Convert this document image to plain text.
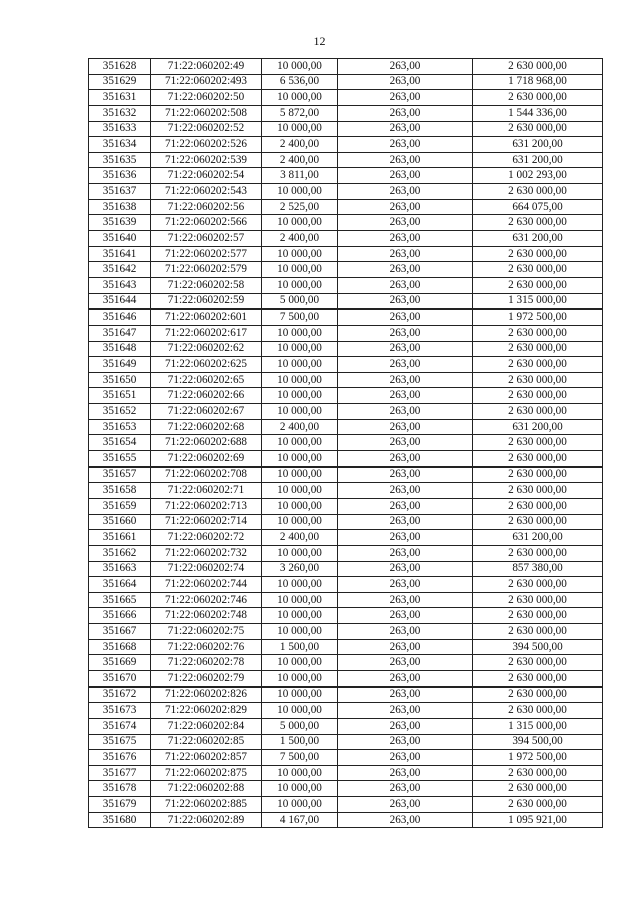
12
351628	71:22:060202:49	10 000,00	263,00	2 630 000,00
351629	71:22:060202:493	6 536,00	263,00	1 718 968,00
351631	71:22:060202:50	10 000,00	263,00	2 630 000,00
351632	71:22:060202:508	5 872,00	263,00	1 544 336,00
351633	71:22:060202:52	10 000,00	263,00	2 630 000,00
351634	71:22:060202:526	2 400,00	263,00	631 200,00
351635	71:22:060202:539	2 400,00	263,00	631 200,00
351636	71:22:060202:54	3 811,00	263,00	1 002 293,00
351637	71:22:060202:543	10 000,00	263,00	2 630 000,00
351638	71:22:060202:56	2 525,00	263,00	664 075,00
351639	71:22:060202:566	10 000,00	263,00	2 630 000,00
351640	71:22:060202:57	2 400,00	263,00	631 200,00
351641	71:22:060202:577	10 000,00	263,00	2 630 000,00
351642	71:22:060202:579	10 000,00	263,00	2 630 000,00
351643	71:22:060202:58	10 000,00	263,00	2 630 000,00
351644	71:22:060202:59	5 000,00	263,00	1 315 000,00
351646	71:22:060202:601	7 500,00	263,00	1 972 500,00
351647	71:22:060202:617	10 000,00	263,00	2 630 000,00
351648	71:22:060202:62	10 000,00	263,00	2 630 000,00
351649	71:22:060202:625	10 000,00	263,00	2 630 000,00
351650	71:22:060202:65	10 000,00	263,00	2 630 000,00
351651	71:22:060202:66	10 000,00	263,00	2 630 000,00
351652	71:22:060202:67	10 000,00	263,00	2 630 000,00
351653	71:22:060202:68	2 400,00	263,00	631 200,00
351654	71:22:060202:688	10 000,00	263,00	2 630 000,00
351655	71:22:060202:69	10 000,00	263,00	2 630 000,00
351657	71:22:060202:708	10 000,00	263,00	2 630 000,00
351658	71:22:060202:71	10 000,00	263,00	2 630 000,00
351659	71:22:060202:713	10 000,00	263,00	2 630 000,00
351660	71:22:060202:714	10 000,00	263,00	2 630 000,00
351661	71:22:060202:72	2 400,00	263,00	631 200,00
351662	71:22:060202:732	10 000,00	263,00	2 630 000,00
351663	71:22:060202:74	3 260,00	263,00	857 380,00
351664	71:22:060202:744	10 000,00	263,00	2 630 000,00
351665	71:22:060202:746	10 000,00	263,00	2 630 000,00
351666	71:22:060202:748	10 000,00	263,00	2 630 000,00
351667	71:22:060202:75	10 000,00	263,00	2 630 000,00
351668	71:22:060202:76	1 500,00	263,00	394 500,00
351669	71:22:060202:78	10 000,00	263,00	2 630 000,00
351670	71:22:060202:79	10 000,00	263,00	2 630 000,00
351672	71:22:060202:826	10 000,00	263,00	2 630 000,00
351673	71:22:060202:829	10 000,00	263,00	2 630 000,00
351674	71:22:060202:84	5 000,00	263,00	1 315 000,00
351675	71:22:060202:85	1 500,00	263,00	394 500,00
351676	71:22:060202:857	7 500,00	263,00	1 972 500,00
351677	71:22:060202:875	10 000,00	263,00	2 630 000,00
351678	71:22:060202:88	10 000,00	263,00	2 630 000,00
351679	71:22:060202:885	10 000,00	263,00	2 630 000,00
351680	71:22:060202:89	4 167,00	263,00	1 095 921,00
